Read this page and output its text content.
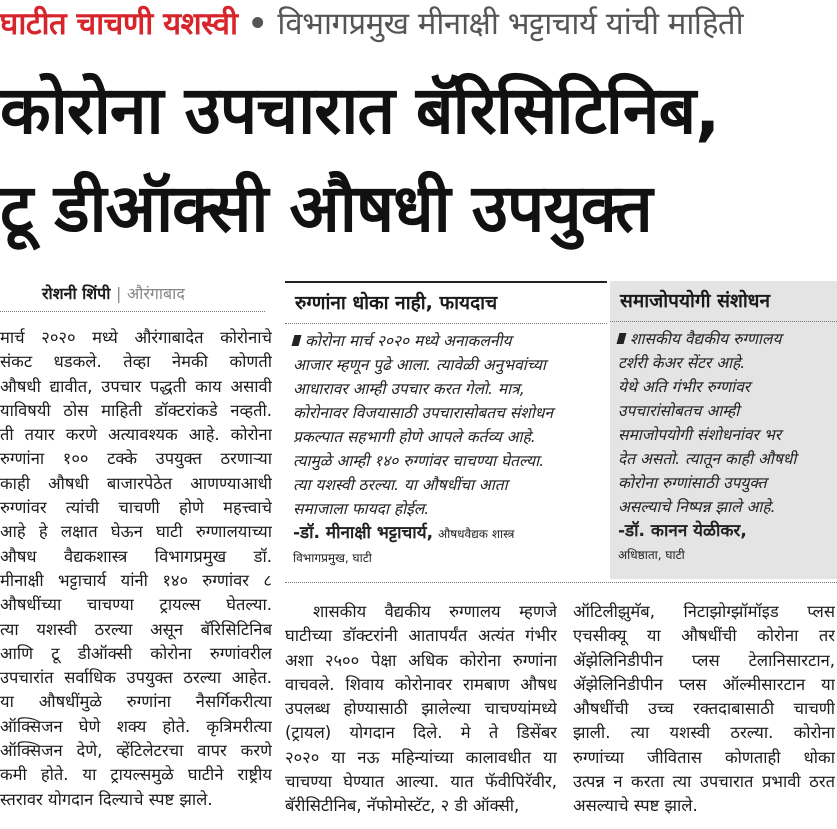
घाटीत चाचणी यशस्वी • विभागप्रमुख मीनाक्षी भट्टाचार्य यांची माहिती
कोरोना उपचारात बॅरिसिटिनिब,
टू डीऑक्सी औषधी उपयुक्त
रोशनी शिंपी | औरंगाबाद
मार्च २०२० मध्ये औरंगाबादेत कोरोनाचे
संकट धडकले. तेव्हा नेमकी कोणती
औषधी द्यावीत, उपचार पद्धती काय असावी
याविषयी ठोस माहिती डॉक्टरांकडे नव्हती.
ती तयार करणे अत्यावश्यक आहे. कोरोना
रुग्णांना १०० टक्के उपयुक्त ठरणाऱ्या
काही औषधी बाजारपेठेत आणण्याआधी
रुग्णांवर त्यांची चाचणी होणे महत्त्वाचे
आहे हे लक्षात घेऊन घाटी रुग्णालयाच्या
औषध वैद्यकशास्त्र विभागप्रमुख डॉ.
मीनाक्षी भट्टाचार्य यांनी १४० रुग्णांवर ८
औषधींच्या चाचण्या ट्रायल्स घेतल्या.
त्या यशस्वी ठरल्या असून बॅरिसिटिनिब
आणि टू डीऑक्सी कोरोना रुग्णांवरील
उपचारांत सर्वाधिक उपयुक्त ठरल्या आहेत.
या औषधींमुळे रुग्णांना नैसर्गिकरीत्या
ऑक्सिजन घेणे शक्य होते. कृत्रिमरीत्या
ऑक्सिजन देणे, व्हेंटिलेटरचा वापर करणे
कमी होते. या ट्रायल्समुळे घाटीने राष्ट्रीय
स्तरावर योगदान दिल्याचे स्पष्ट झाले.
रुग्णांना धोका नाही, फायदाच
कोरोना मार्च २०२० मध्ये अनाकलनीय
आजार म्हणून पुढे आला. त्यावेळी अनुभवांच्या
आधारावर आम्ही उपचार करत गेलो. मात्र,
कोरोनावर विजयासाठी उपचारासोबतच संशोधन
प्रकल्पात सहभागी होणे आपले कर्तव्य आहे.
त्यामुळे आम्ही १४० रुग्णांवर चाचण्या घेतल्या.
त्या यशस्वी ठरल्या. या औषधींचा आता
समाजाला फायदा होईल.
-डॉ. मीनाक्षी भट्टाचार्य, औषधवैद्यक शास्त्र
विभागप्रमुख, घाटी
समाजोपयोगी संशोधन
शासकीय वैद्यकीय रुग्णालय
टर्शरी केअर सेंटर आहे.
येथे अति गंभीर रुग्णांवर
उपचारांसोबतच आम्ही
समाजोपयोगी संशोधनांवर भर
देत असतो. त्यातून काही औषधी
कोरोना रुग्णांसाठी उपयुक्त
असल्याचे निष्पन्न झाले आहे.
-डॉ. कानन येळीकर,
अधिष्ठाता, घाटी
शासकीय वैद्यकीय रुग्णालय म्हणजे
घाटीच्या डॉक्टरांनी आतापर्यंत अत्यंत गंभीर
अशा २५०० पेक्षा अधिक कोरोना रुग्णांना
वाचवले. शिवाय कोरोनावर रामबाण औषध
उपलब्ध होण्यासाठी झालेल्या चाचण्यांमध्ये
(ट्रायल) योगदान दिले. मे ते डिसेंबर
२०२० या नऊ महिन्यांच्या कालावधीत या
चाचण्या घेण्यात आल्या. यात फॅवीपिरॅवीर,
बॅरीसिटीनिब, नॅफोमोस्टॅट, २ डी ऑक्सी,
ऑटिलीझुमॅब, निटाझोग्झॉमॉइड प्लस
एचसीक्यू या औषधींची कोरोना तर
ॲझेलिनिडीपीन प्लस टेलानिसारटान,
ॲझेलिनिडीपीन प्लस ऑल्मीसारटान या
औषधींची उच्च रक्तदाबासाठी चाचणी
झाली. त्या यशस्वी ठरल्या. कोरोना
रुग्णांच्या जीवितास कोणताही धोका
उत्पन्न न करता त्या उपचारात प्रभावी ठरत
असल्याचे स्पष्ट झाले.
